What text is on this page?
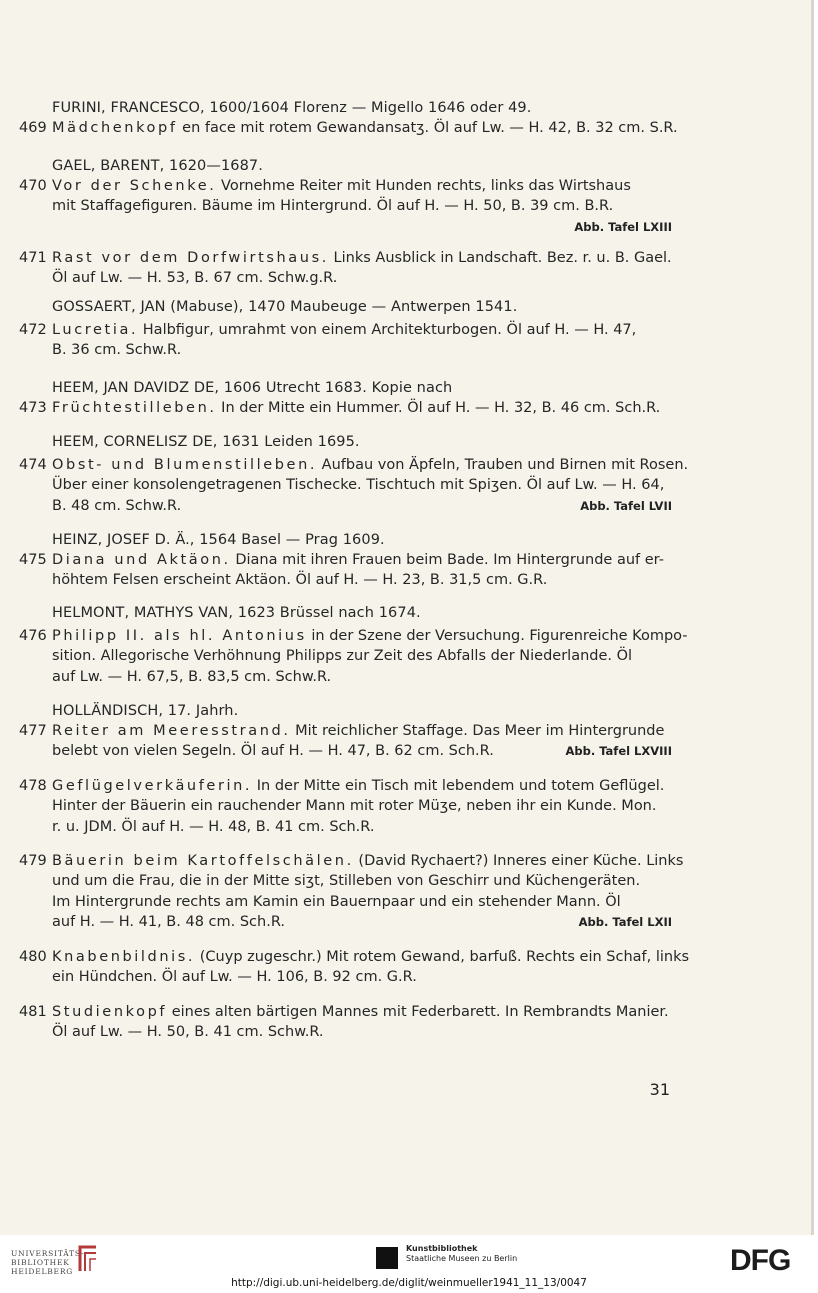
FURINI, FRANCESCO, 1600/1604 Florenz — Migello 1646 oder 49.
469 Mädchenkopf en face mit rotem Gewandansatʒ. Öl auf Lw. — H. 42, B. 32 cm. S.R.
GAEL, BARENT, 1620—1687.
470 Vor der Schenke. Vornehme Reiter mit Hunden rechts, links das Wirtshaus
mit Staffagefiguren. Bäume im Hintergrund. Öl auf H. — H. 50, B. 39 cm. B.R.
Abb. Tafel LXIII
471 Rast vor dem Dorfwirtshaus. Links Ausblick in Landschaft. Bez. r. u. B. Gael.
Öl auf Lw. — H. 53, B. 67 cm. Schw.g.R.
GOSSAERT, JAN (Mabuse), 1470 Maubeuge — Antwerpen 1541.
472 Lucretia. Halbfigur, umrahmt von einem Architekturbogen. Öl auf H. — H. 47,
B. 36 cm. Schw.R.
HEEM, JAN DAVIDZ DE, 1606 Utrecht 1683. Kopie nach
473 Früchtestilleben. In der Mitte ein Hummer. Öl auf H. — H. 32, B. 46 cm. Sch.R.
HEEM, CORNELISZ DE, 1631 Leiden 1695.
474 Obst- und Blumenstilleben. Aufbau von Äpfeln, Trauben und Birnen mit Rosen.
Über einer konsolengetragenen Tischecke. Tischtuch mit Spiʒen. Öl auf Lw. — H. 64,
B. 48 cm. Schw.R.	Abb. Tafel LVII
HEINZ, JOSEF D. Ä., 1564 Basel — Prag 1609.
475 Diana und Aktäon. Diana mit ihren Frauen beim Bade. Im Hintergrunde auf er-
höhtem Felsen erscheint Aktäon. Öl auf H. — H. 23, B. 31,5 cm. G.R.
HELMONT, MATHYS VAN, 1623 Brüssel nach 1674.
476 Philipp II. als hl. Antonius in der Szene der Versuchung. Figurenreiche Kompo-
sition. Allegorische Verhöhnung Philipps zur Zeit des Abfalls der Niederlande. Öl
auf Lw. — H. 67,5, B. 83,5 cm. Schw.R.
HOLLÄNDISCH, 17. Jahrh.
477 Reiter am Meeresstrand. Mit reichlicher Staffage. Das Meer im Hintergrunde
belebt von vielen Segeln. Öl auf H. — H. 47, B. 62 cm. Sch.R.	Abb. Tafel LXVIII
478 Geflügelverkäuferin. In der Mitte ein Tisch mit lebendem und totem Geflügel.
Hinter der Bäuerin ein rauchender Mann mit roter Müʒe, neben ihr ein Kunde. Mon.
r. u. JDM. Öl auf H. — H. 48, B. 41 cm. Sch.R.
479 Bäuerin beim Kartoffelschälen. (David Rychaert?) Inneres einer Küche. Links
und um die Frau, die in der Mitte siʒt, Stilleben von Geschirr und Küchengeräten.
Im Hintergrunde rechts am Kamin ein Bauernpaar und ein stehender Mann. Öl
auf H. — H. 41, B. 48 cm. Sch.R.	Abb. Tafel LXII
480 Knabenbildnis. (Cuyp zugeschr.) Mit rotem Gewand, barfuß. Rechts ein Schaf, links
ein Hündchen. Öl auf Lw. — H. 106, B. 92 cm. G.R.
481 Studienkopf eines alten bärtigen Mannes mit Federbarett. In Rembrandts Manier.
Öl auf Lw. — H. 50, B. 41 cm. Schw.R.
31
UNIVERSITÄTS-
BIBLIOTHEK
HEIDELBERG
Kunstbibliothek
Staatliche Museen zu Berlin	DFG
http://digi.ub.uni-heidelberg.de/diglit/weinmueller1941_11_13/0047
